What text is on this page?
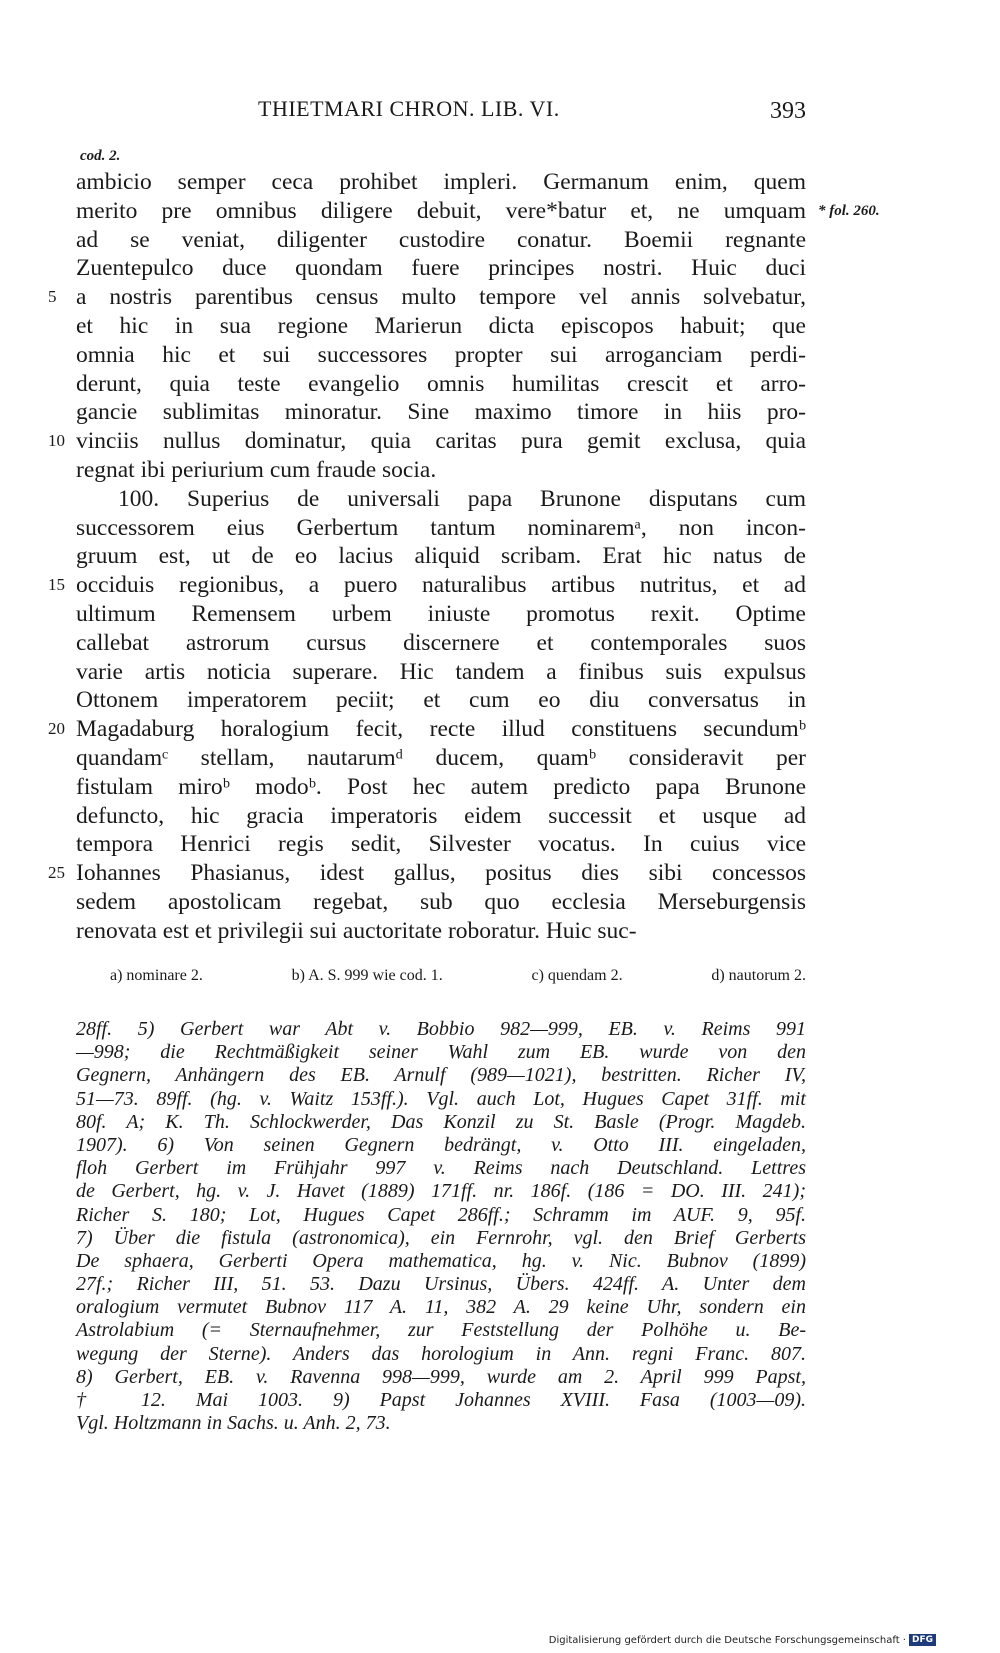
THIETMARI CHRON. LIB. VI.	393
cod. 2.
ambicio semper ceca prohibet impleri. Germanum enim, quem
merito pre omnibus diligere debuit, vere*batur et, ne umquam * fol. 260.
ad se veniat, diligenter custodire conatur. Boemii regnante
Zuentepulco duce quondam fuere principes nostri. Huic duci
5 a nostris parentibus census multo tempore vel annis solvebatur,
et hic in sua regione Marierun dicta episcopos habuit; que
omnia hic et sui successores propter sui arroganciam perdi-
derunt, quia teste evangelio omnis humilitas crescit et arro-
gancie sublimitas minoratur. Sine maximo timore in hiis pro-
10 vinciis nullus dominatur, quia caritas pura gemit exclusa, quia
regnat ibi periurium cum fraude socia.
100. Superius de universali papa Brunone disputans cum
successorem eius Gerbertum tantum nominaremᵃ, non incon-
gruum est, ut de eo lacius aliquid scribam. Erat hic natus de
15 occiduis regionibus, a puero naturalibus artibus nutritus, et ad
ultimum Remensem urbem iniuste promotus rexit. Optime
callebat astrorum cursus discernere et contemporales suos
varie artis noticia superare. Hic tandem a finibus suis expulsus
Ottonem imperatorem peciit; et cum eo diu conversatus in
20 Magadaburg horalogium fecit, recte illud constituens secundumᵇ
quandamᶜ stellam, nautarumᵈ ducem, quamᵇ consideravit per
fistulam miroᵇ modoᵇ. Post hec autem predicto papa Brunone
defuncto, hic gracia imperatoris eidem successit et usque ad
tempora Henrici regis sedit, Silvester vocatus. In cuius vice
25 Iohannes Phasianus, idest gallus, positus dies sibi concessos
sedem apostolicam regebat, sub quo ecclesia Merseburgensis
renovata est et privilegii sui auctoritate roboratur. Huic suc-
a) nominare 2.	b) A. S. 999 wie cod. 1.	c) quendam 2.	d) nautorum 2.
28ff. 5) Gerbert war Abt v. Bobbio 982—999, EB. v. Reims 991
—998; die Rechtmäßigkeit seiner Wahl zum EB. wurde von den
Gegnern, Anhängern des EB. Arnulf (989—1021), bestritten. Richer IV,
51—73. 89ff. (hg. v. Waitz 153ff.). Vgl. auch Lot, Hugues Capet 31ff. mit
80f. A; K. Th. Schlockwerder, Das Konzil zu St. Basle (Progr. Magdeb.
1907). 6) Von seinen Gegnern bedrängt, v. Otto III. eingeladen,
floh Gerbert im Frühjahr 997 v. Reims nach Deutschland. Lettres
de Gerbert, hg. v. J. Havet (1889) 171ff. nr. 186f. (186 = DO. III. 241);
Richer S. 180; Lot, Hugues Capet 286ff.; Schramm im AUF. 9, 95f.
7) Über die fistula (astronomica), ein Fernrohr, vgl. den Brief Gerberts
De sphaera, Gerberti Opera mathematica, hg. v. Nic. Bubnov (1899)
27f.; Richer III, 51. 53. Dazu Ursinus, Übers. 424ff. A. Unter dem
oralogium vermutet Bubnov 117 A. 11, 382 A. 29 keine Uhr, sondern ein
Astrolabium (= Sternaufnehmer, zur Feststellung der Polhöhe u. Be-
wegung der Sterne). Anders das horologium in Ann. regni Franc. 807.
8) Gerbert, EB. v. Ravenna 998—999, wurde am 2. April 999 Papst,
† 12. Mai 1003. 9) Papst Johannes XVIII. Fasa (1003—09).
Vgl. Holtzmann in Sachs. u. Anh. 2, 73.
Digitalisierung gefördert durch die Deutsche Forschungsgemeinschaft · DFG
